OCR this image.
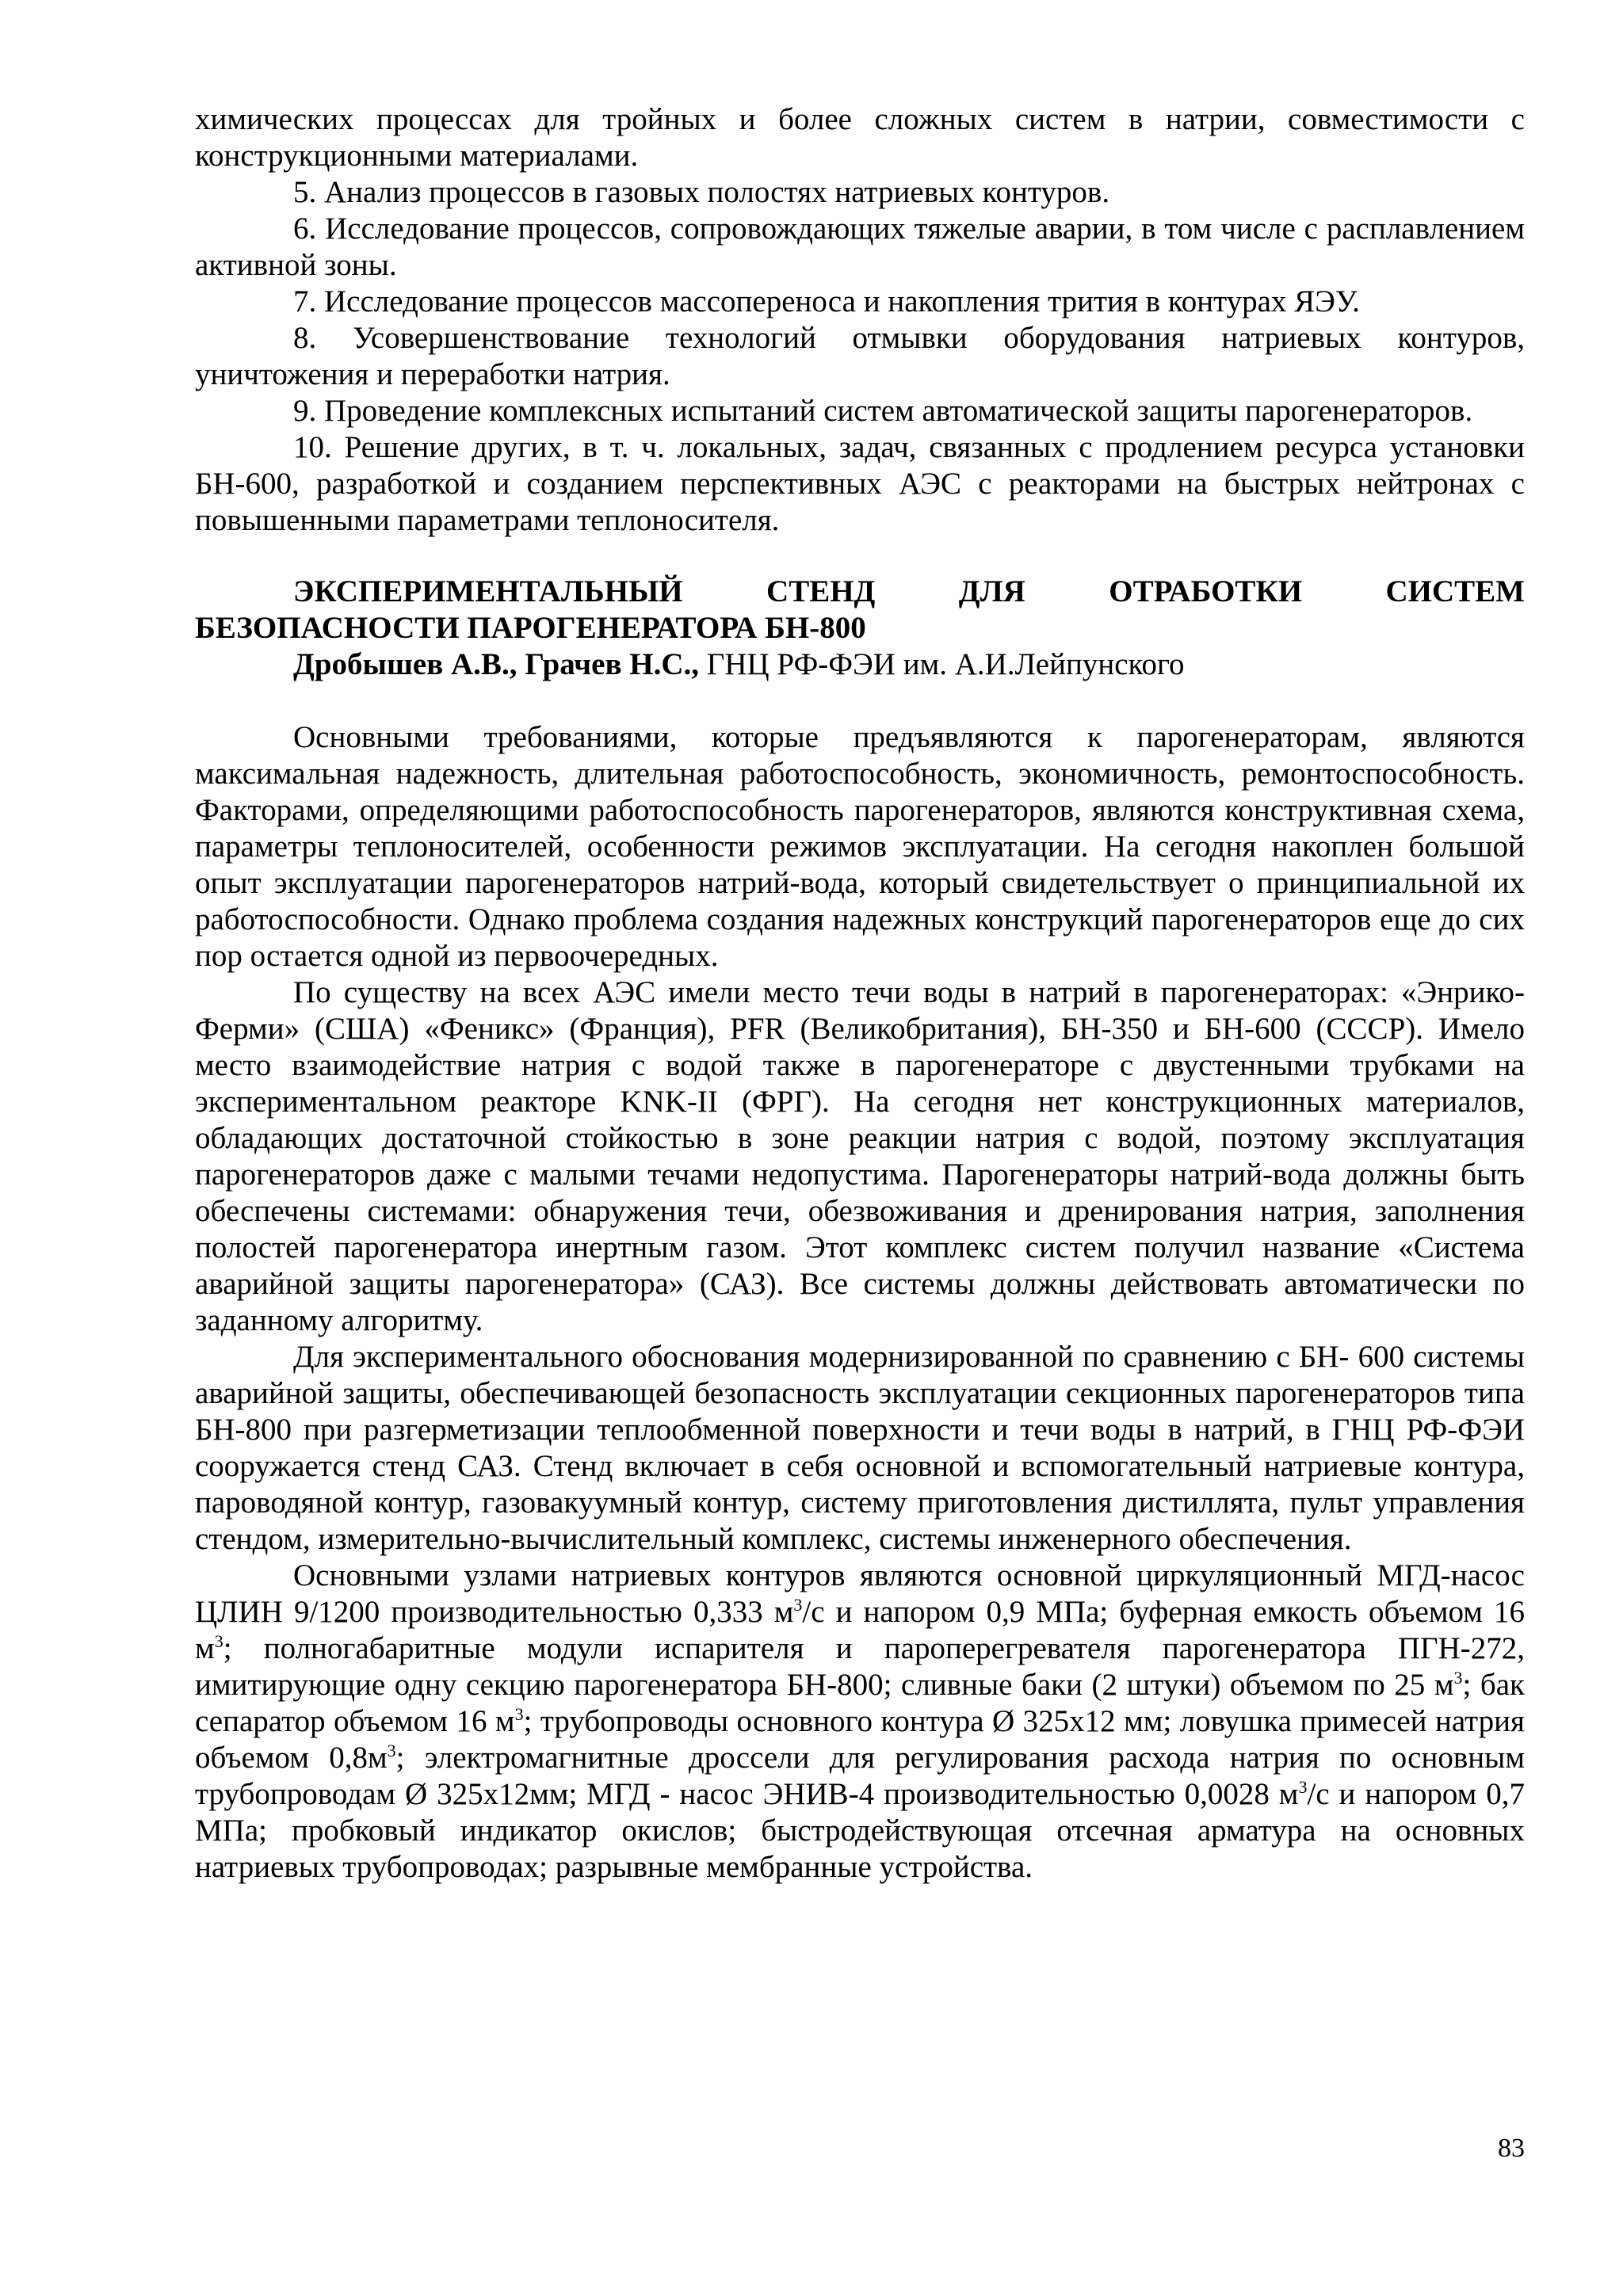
химических процессах для тройных и более сложных систем в натрии, совместимости с конструкционными материалами.

5. Анализ процессов в газовых полостях натриевых контуров.

6. Исследование процессов, сопровождающих тяжелые аварии, в том числе с расплавлением активной зоны.

7. Исследование процессов массопереноса и накопления трития в контурах ЯЭУ.

8. Усовершенствование технологий отмывки оборудования натриевых контуров, уничтожения и переработки натрия.

9. Проведение комплексных испытаний систем автоматической защиты парогенераторов.

10. Решение других, в т. ч. локальных, задач, связанных с продлением ресурса установки БН-600, разработкой и созданием перспективных АЭС с реакторами на быстрых нейтронах с повышенными параметрами теплоносителя.

ЭКСПЕРИМЕНТАЛЬНЫЙ	СТЕНД	ДЛЯ	ОТРАБОТКИ	СИСТЕМ
БЕЗОПАСНОСТИ ПАРОГЕНЕРАТОРА БН-800
Дробышев А.В., Грачев Н.С., ГНЦ РФ-ФЭИ им. А.И.Лейпунского

Основными требованиями, которые предъявляются к парогенераторам, являются максимальная надежность, длительная работоспособность, экономичность, ремонтоспособность. Факторами, определяющими работоспособность парогенераторов, являются конструктивная схема, параметры теплоносителей, особенности режимов эксплуатации. На сегодня накоплен большой опыт эксплуатации парогенераторов натрий-вода, который свидетельствует о принципиальной их работоспособности. Однако проблема создания надежных конструкций парогенераторов еще до сих пор остается одной из первоочередных.

По существу на всех АЭС имели место течи воды в натрий в парогенераторах: «Энрико-Ферми» (США) «Феникс» (Франция), PFR (Великобритания), БН-350 и БН-600 (СССР). Имело место взаимодействие натрия с водой также в парогенераторе с двустенными трубками на экспериментальном реакторе KNK-II (ФРГ). На сегодня нет конструкционных материалов, обладающих достаточной стойкостью в зоне реакции натрия с водой, поэтому эксплуатация парогенераторов даже с малыми течами недопустима. Парогенераторы натрий-вода должны быть обеспечены системами: обнаружения течи, обезвоживания и дренирования натрия, заполнения полостей парогенератора инертным газом. Этот комплекс систем получил название «Система аварийной защиты парогенератора» (САЗ). Все системы должны действовать автоматически по заданному алгоритму.

Для экспериментального обоснования модернизированной по сравнению с БН- 600 системы аварийной защиты, обеспечивающей безопасность эксплуатации секционных парогенераторов типа БН-800 при разгерметизации теплообменной поверхности и течи воды в натрий, в ГНЦ РФ-ФЭИ сооружается стенд САЗ. Стенд включает в себя основной и вспомогательный натриевые контура, пароводяной контур, газовакуумный контур, систему приготовления дистиллята, пульт управления стендом, измерительно-вычислительный комплекс, системы инженерного обеспечения.

Основными узлами натриевых контуров являются основной циркуляционный МГД-насос ЦЛИН 9/1200 производительностью 0,333 $м^3/с$ и напором 0,9 МПа; буферная емкость объемом 16 $м^3$; полногабаритные модули испарителя и пароперегревателя парогенератора ПГН-272, имитирующие одну секцию парогенератора БН-800; сливные баки (2 штуки) объемом по 25 $м^3$; бак сепаратор объемом 16 $м^3$; трубопроводы основного контура Ø 325х12 мм; ловушка примесей натрия объемом $0,8м^3$; электромагнитные дроссели для регулирования расхода натрия по основным трубопроводам Ø 325х12мм; МГД - насос ЭНИВ-4 производительностью 0,0028 $м^3/с$ и напором 0,7 МПа; пробковый индикатор окислов; быстродействующая отсечная арматура на основных натриевых трубопроводах; разрывные мембранные устройства.

83
